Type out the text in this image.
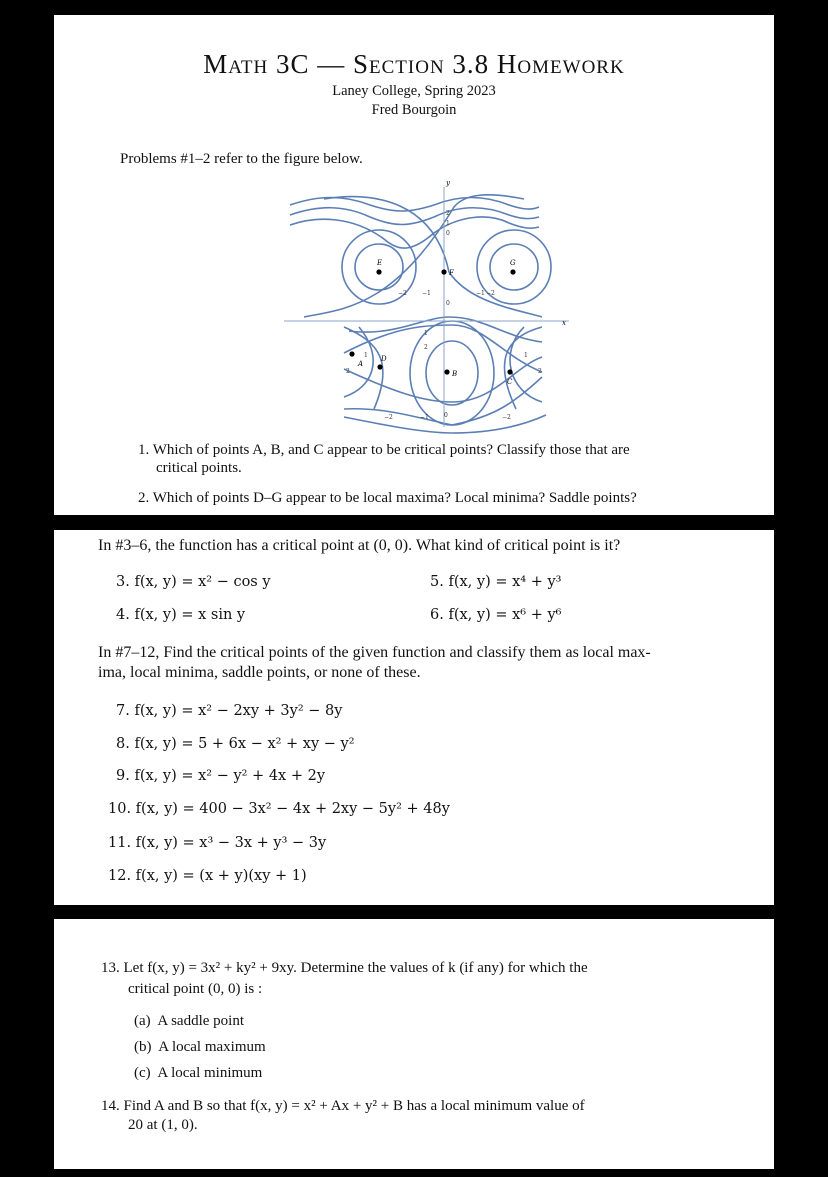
Math 3C — Section 3.8 Homework
Laney College, Spring 2023
Fred Bourgoin
Problems #1–2 refer to the figure below.
y
x
2
1
0
−2	−1	−1 −2
0
1
2
1
2
1
2
−2	−1	0	−2
E
F
G
A
D
B
C
1. Which of points A, B, and C appear to be critical points? Classify those that are
critical points.
2. Which of points D–G appear to be local maxima? Local minima? Saddle points?
In #3–6, the function has a critical point at (0, 0). What kind of critical point is it?
3. f(x, y) = x² − cos y
4. f(x, y) = x sin y
5. f(x, y) = x⁴ + y³
6. f(x, y) = x⁶ + y⁶
In #7–12, Find the critical points of the given function and classify them as local max-
ima, local minima, saddle points, or none of these.
7. f(x, y) = x² − 2xy + 3y² − 8y
8. f(x, y) = 5 + 6x − x² + xy − y²
9. f(x, y) = x² − y² + 4x + 2y
10. f(x, y) = 400 − 3x² − 4x + 2xy − 5y² + 48y
11. f(x, y) = x³ − 3x + y³ − 3y
12. f(x, y) = (x + y)(xy + 1)
13. Let f(x, y) = 3x² + ky² + 9xy. Determine the values of k (if any) for which the
critical point (0, 0) is :
(a) A saddle point
(b) A local maximum
(c) A local minimum
14. Find A and B so that f(x, y) = x² + Ax + y² + B has a local minimum value of
20 at (1, 0).
